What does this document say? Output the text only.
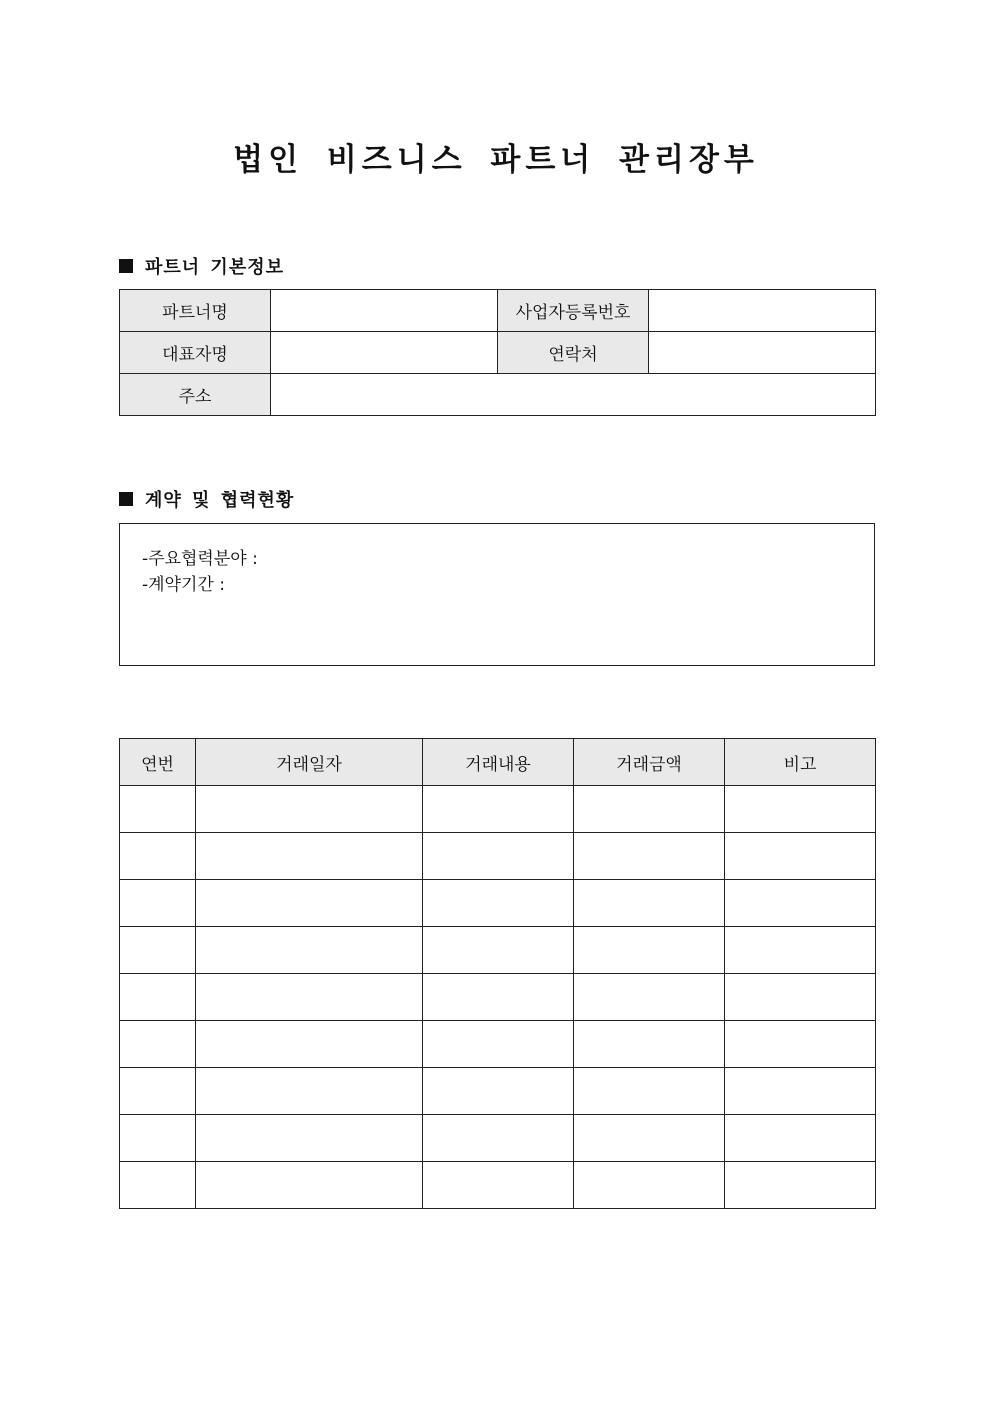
법인 비즈니스 파트너 관리장부
파트너 기본정보
파트너명		사업자등록번호	
대표자명		연락처	
주소			
계약 및 협력현황
-주요협력분야 :
-계약기간 :
연번	거래일자	거래내용	거래금액	비고
